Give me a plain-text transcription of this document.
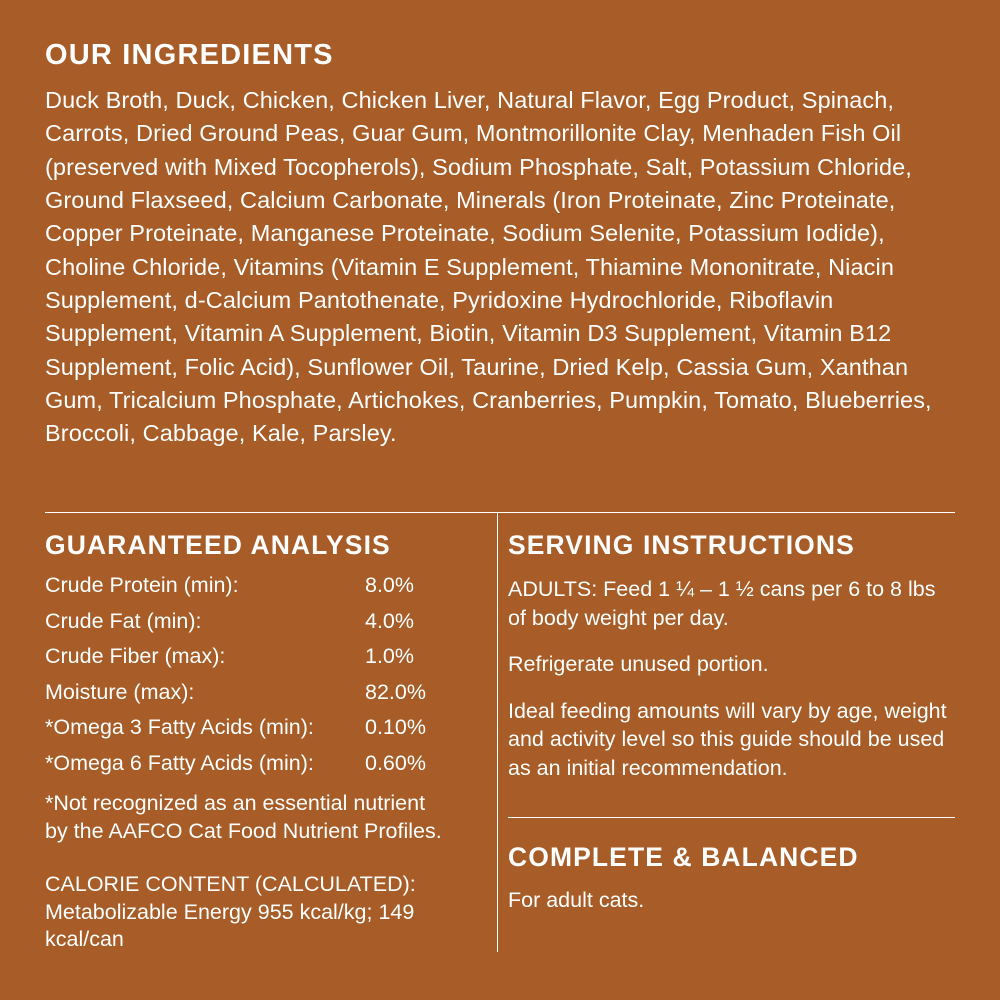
OUR INGREDIENTS
Duck Broth, Duck, Chicken, Chicken Liver, Natural Flavor, Egg Product, Spinach, Carrots, Dried Ground Peas, Guar Gum, Montmorillonite Clay, Menhaden Fish Oil (preserved with Mixed Tocopherols), Sodium Phosphate, Salt, Potassium Chloride, Ground Flaxseed, Calcium Carbonate, Minerals (Iron Proteinate, Zinc Proteinate, Copper Proteinate, Manganese Proteinate, Sodium Selenite, Potassium Iodide), Choline Chloride, Vitamins (Vitamin E Supplement, Thiamine Mononitrate, Niacin Supplement, d-Calcium Pantothenate, Pyridoxine Hydrochloride, Riboflavin Supplement, Vitamin A Supplement, Biotin, Vitamin D3 Supplement, Vitamin B12 Supplement, Folic Acid), Sunflower Oil, Taurine, Dried Kelp, Cassia Gum, Xanthan Gum, Tricalcium Phosphate, Artichokes, Cranberries, Pumpkin, Tomato, Blueberries, Broccoli, Cabbage, Kale, Parsley.
GUARANTEED ANALYSIS
Crude Protein (min):	8.0%
Crude Fat (min):	4.0%
Crude Fiber (max):	1.0%
Moisture (max):	82.0%
*Omega 3 Fatty Acids (min):	0.10%
*Omega 6 Fatty Acids (min):	0.60%
*Not recognized as an essential nutrient
by the AAFCO Cat Food Nutrient Profiles.
CALORIE CONTENT (CALCULATED):
Metabolizable Energy 955 kcal/kg; 149 kcal/can
SERVING INSTRUCTIONS

ADULTS: Feed 1 ¼ – 1 ½ cans per 6 to 8 lbs of body weight per day.

Refrigerate unused portion.

Ideal feeding amounts will vary by age, weight and activity level so this guide should be used as an initial recommendation.

COMPLETE & BALANCED

For adult cats.
